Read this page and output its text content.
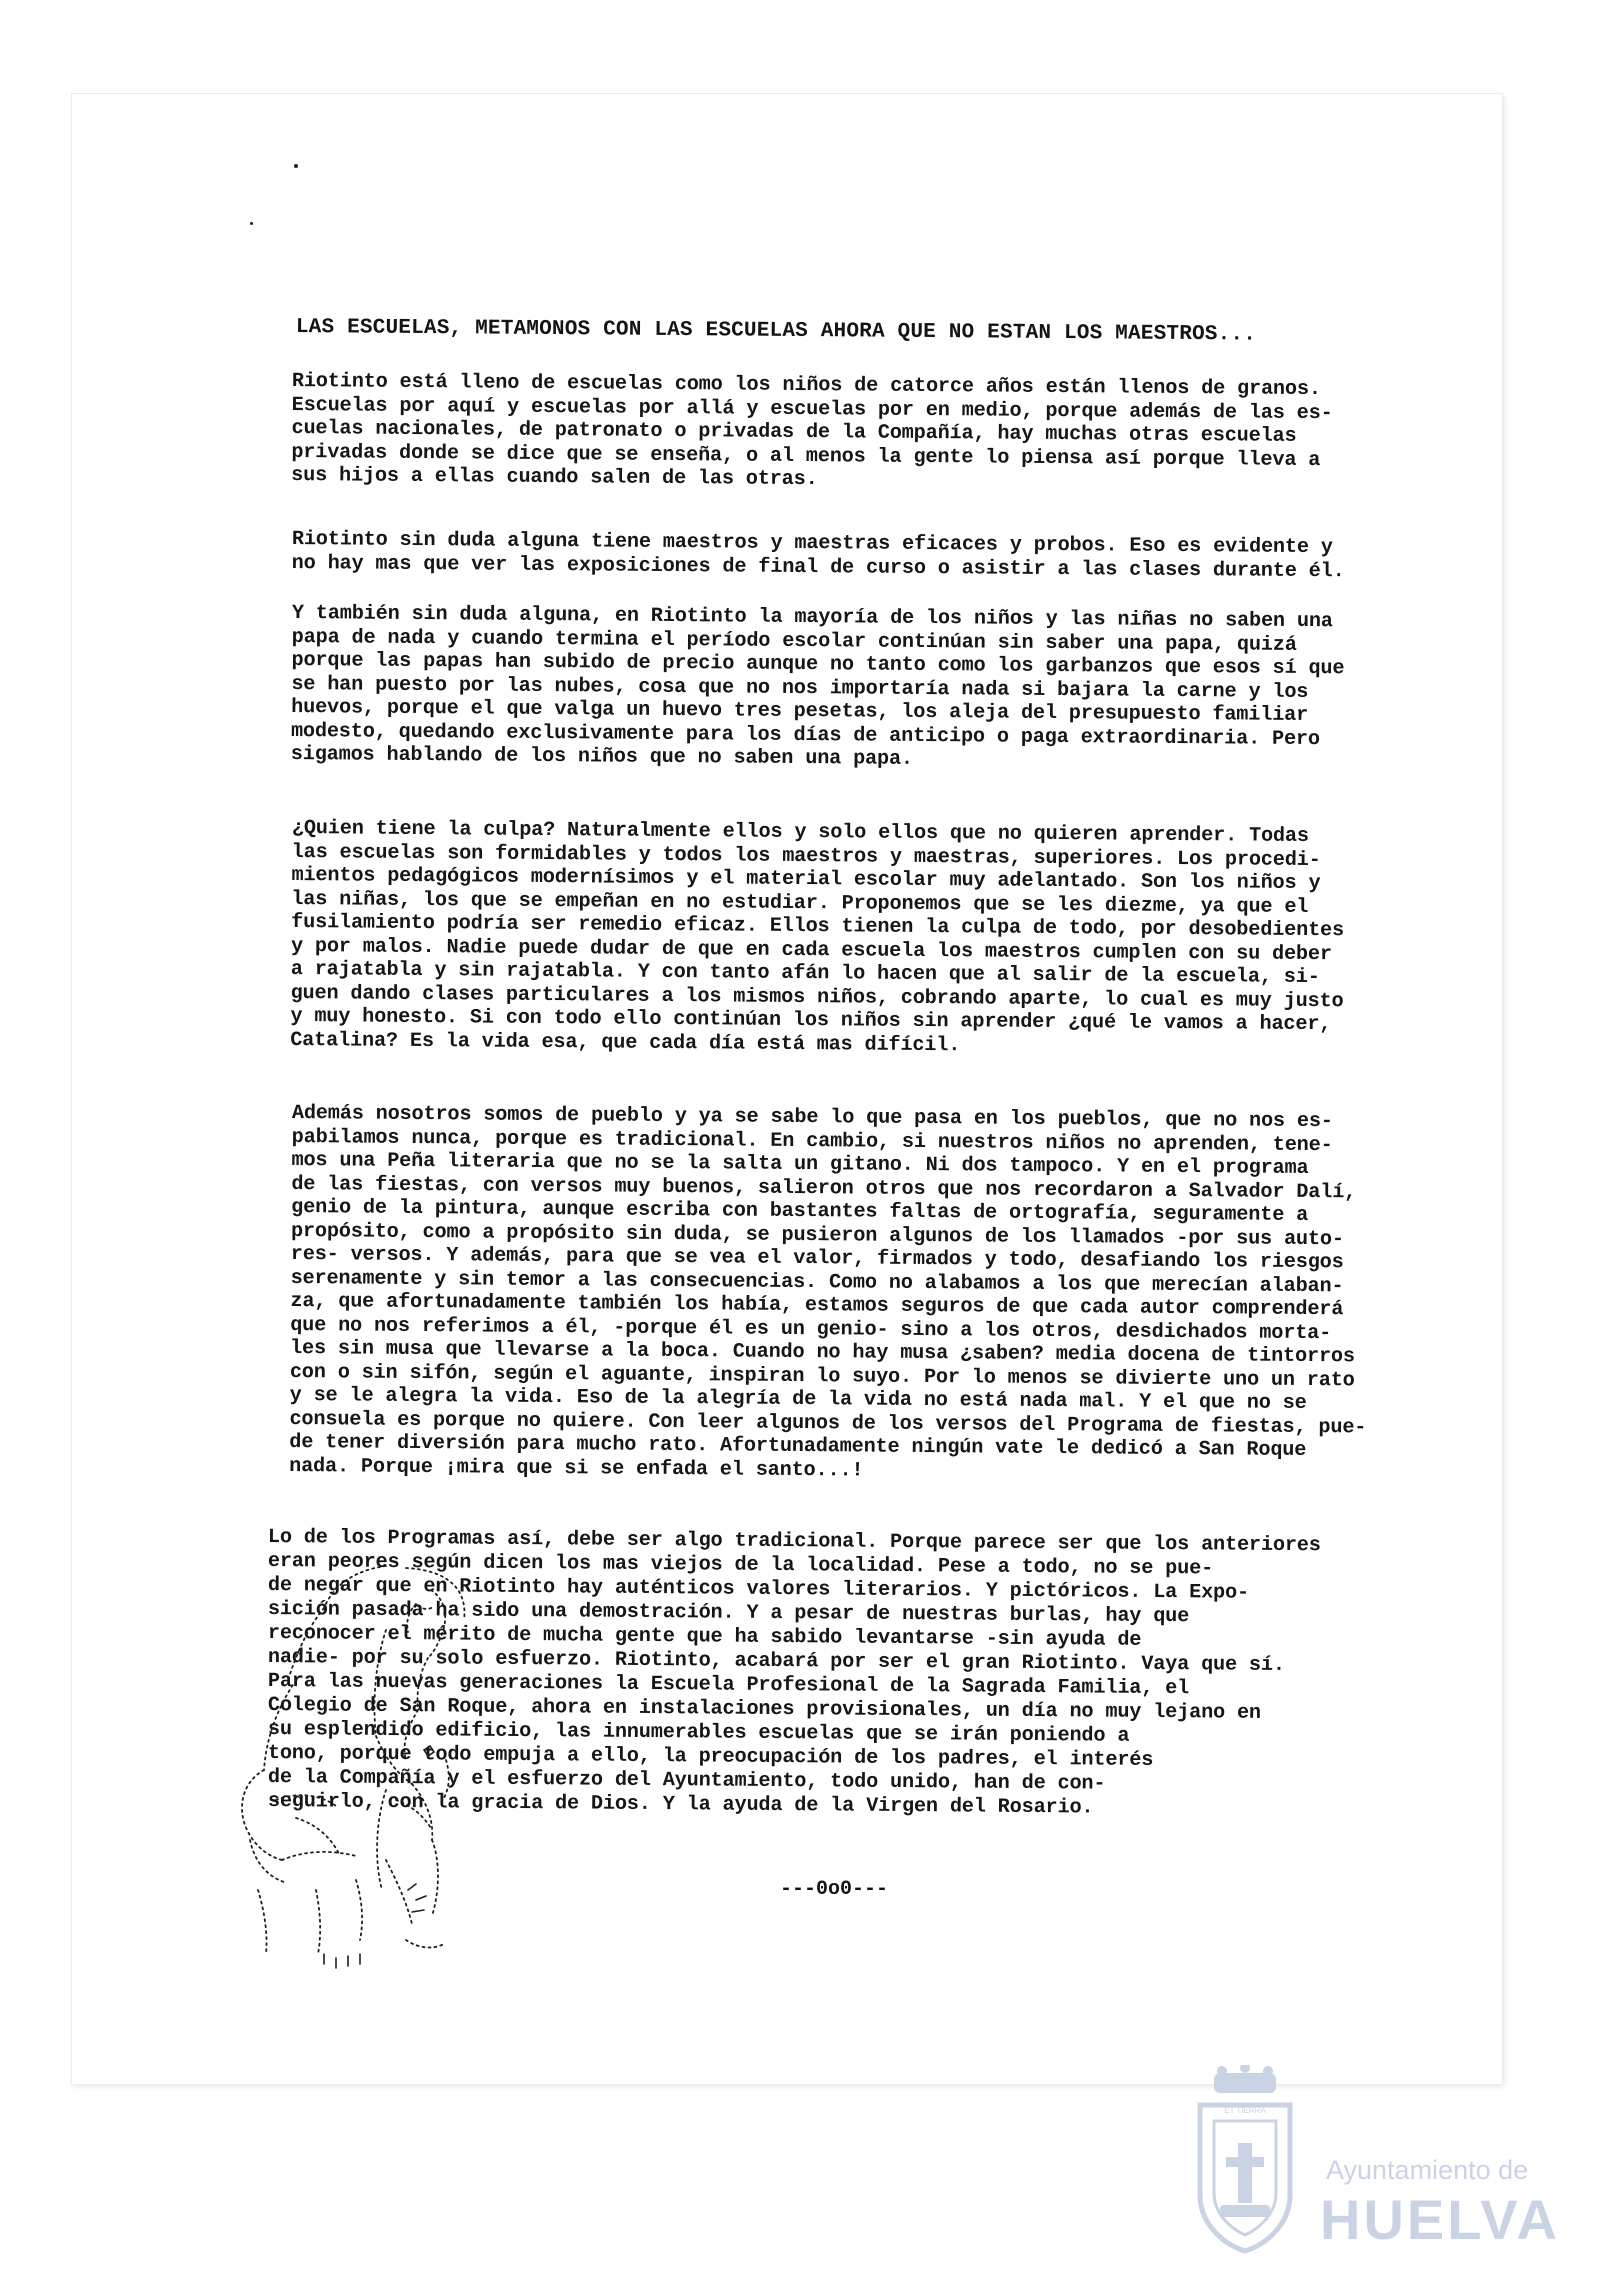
LAS ESCUELAS, METAMONOS CON LAS ESCUELAS AHORA QUE NO ESTAN LOS MAESTROS...

Riotinto está lleno de escuelas como los niños de catorce años están llenos de granos.
Escuelas por aquí y escuelas por allá y escuelas por en medio, porque además de las es-
cuelas nacionales, de patronato o privadas de la Compañía, hay muchas otras escuelas
privadas donde se dice que se enseña, o al menos la gente lo piensa así porque lleva a
sus hijos a ellas cuando salen de las otras.

Riotinto sin duda alguna tiene maestros y maestras eficaces y probos. Eso es evidente y
no hay mas que ver las exposiciones de final de curso o asistir a las clases durante él.

Y también sin duda alguna, en Riotinto la mayoría de los niños y las niñas no saben una
papa de nada y cuando termina el período escolar continúan sin saber una papa, quizá
porque las papas han subido de precio aunque no tanto como los garbanzos que esos sí que
se han puesto por las nubes, cosa que no nos importaría nada si bajara la carne y los
huevos, porque el que valga un huevo tres pesetas, los aleja del presupuesto familiar
modesto, quedando exclusivamente para los días de anticipo o paga extraordinaria. Pero
sigamos hablando de los niños que no saben una papa.

¿Quien tiene la culpa? Naturalmente ellos y solo ellos que no quieren aprender. Todas
las escuelas son formidables y todos los maestros y maestras, superiores. Los procedi-
mientos pedagógicos modernísimos y el material escolar muy adelantado. Son los niños y
las niñas, los que se empeñan en no estudiar. Proponemos que se les diezme, ya que el
fusilamiento podría ser remedio eficaz. Ellos tienen la culpa de todo, por desobedientes
y por malos. Nadie puede dudar de que en cada escuela los maestros cumplen con su deber
a rajatabla y sin rajatabla. Y con tanto afán lo hacen que al salir de la escuela, si-
guen dando clases particulares a los mismos niños, cobrando aparte, lo cual es muy justo
y muy honesto. Si con todo ello continúan los niños sin aprender ¿qué le vamos a hacer,
Catalina? Es la vida esa, que cada día está mas difícil.

Además nosotros somos de pueblo y ya se sabe lo que pasa en los pueblos, que no nos es-
pabilamos nunca, porque es tradicional. En cambio, si nuestros niños no aprenden, tene-
mos una Peña literaria que no se la salta un gitano. Ni dos tampoco. Y en el programa
de las fiestas, con versos muy buenos, salieron otros que nos recordaron a Salvador Dalí,
genio de la pintura, aunque escriba con bastantes faltas de ortografía, seguramente a
propósito, como a propósito sin duda, se pusieron algunos de los llamados -por sus auto-
res- versos. Y además, para que se vea el valor, firmados y todo, desafiando los riesgos
serenamente y sin temor a las consecuencias. Como no alabamos a los que merecían alaban-
za, que afortunadamente también los había, estamos seguros de que cada autor comprenderá
que no nos referimos a él, -porque él es un genio- sino a los otros, desdichados morta-
les sin musa que llevarse a la boca. Cuando no hay musa ¿saben? media docena de tintorros
con o sin sifón, según el aguante, inspiran lo suyo. Por lo menos se divierte uno un rato
y se le alegra la vida. Eso de la alegría de la vida no está nada mal. Y el que no se
consuela es porque no quiere. Con leer algunos de los versos del Programa de fiestas, pue-
de tener diversión para mucho rato. Afortunadamente ningún vate le dedicó a San Roque
nada. Porque ¡mira que si se enfada el santo...!

Lo de los Programas así, debe ser algo tradicional. Porque parece ser que los anteriores
eran peores según dicen los mas viejos de la localidad. Pese a todo, no se pue-
de negar que en Riotinto hay auténticos valores literarios. Y pictóricos. La Expo-
sición pasada ha sido una demostración. Y a pesar de nuestras burlas, hay que
reconocer el mérito de mucha gente que ha sabido levantarse -sin ayuda de
nadie- por su solo esfuerzo. Riotinto, acabará por ser el gran Riotinto. Vaya que sí.
Para las nuevas generaciones la Escuela Profesional de la Sagrada Familia, el
Colegio de San Roque, ahora en instalaciones provisionales, un día no muy lejano en
su esplendido edificio, las innumerables escuelas que se irán poniendo a
tono, porque todo empuja a ello, la preocupación de los padres, el interés
de la Compañía y el esfuerzo del Ayuntamiento, todo unido, han de con-
seguirlo, con la gracia de Dios. Y la ayuda de la Virgen del Rosario.
---0o0---
ET TIERRA
Ayuntamiento de
HUELVA
